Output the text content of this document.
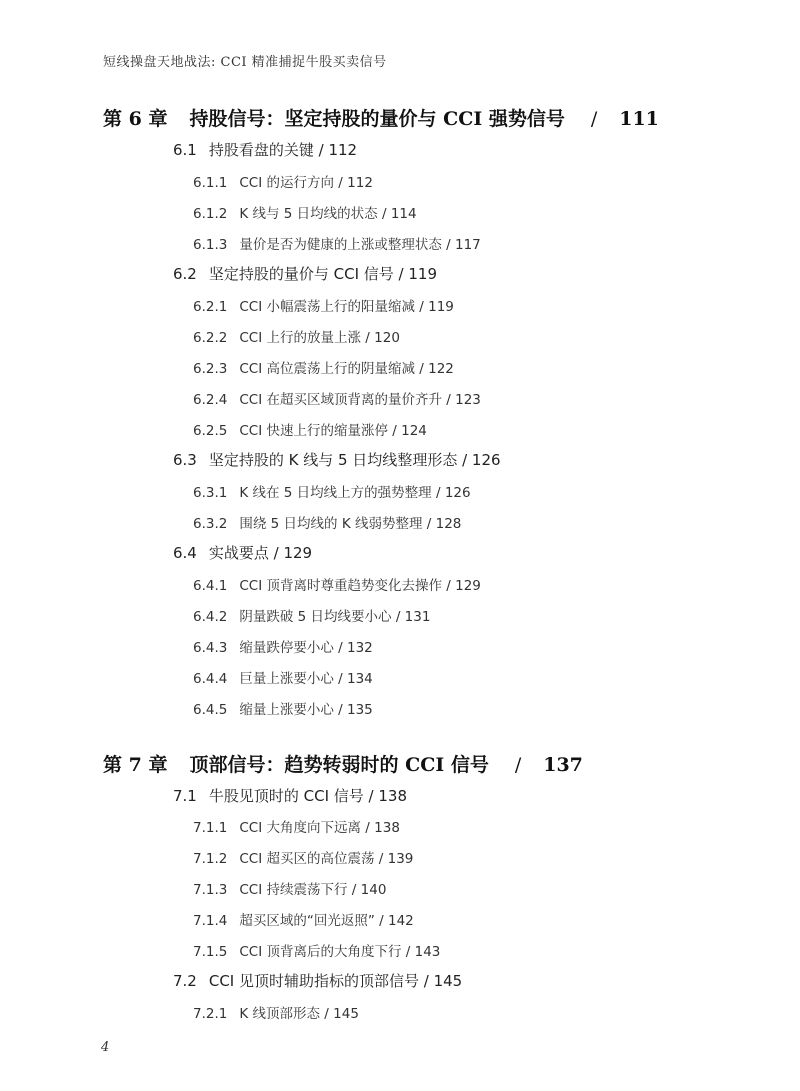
短线操盘天地战法: CCI 精准捕捉牛股买卖信号
第 6 章 持股信号：坚定持股的量价与 CCI 强势信号 / 111
6.1 持股看盘的关键 / 112
6.1.1 CCI 的运行方向 / 112
6.1.2 K 线与 5 日均线的状态 / 114
6.1.3 量价是否为健康的上涨或整理状态 / 117
6.2 坚定持股的量价与 CCI 信号 / 119
6.2.1 CCI 小幅震荡上行的阳量缩减 / 119
6.2.2 CCI 上行的放量上涨 / 120
6.2.3 CCI 高位震荡上行的阴量缩减 / 122
6.2.4 CCI 在超买区域顶背离的量价齐升 / 123
6.2.5 CCI 快速上行的缩量涨停 / 124
6.3 坚定持股的 K 线与 5 日均线整理形态 / 126
6.3.1 K 线在 5 日均线上方的强势整理 / 126
6.3.2 围绕 5 日均线的 K 线弱势整理 / 128
6.4 实战要点 / 129
6.4.1 CCI 顶背离时尊重趋势变化去操作 / 129
6.4.2 阴量跌破 5 日均线要小心 / 131
6.4.3 缩量跌停要小心 / 132
6.4.4 巨量上涨要小心 / 134
6.4.5 缩量上涨要小心 / 135
第 7 章 顶部信号：趋势转弱时的 CCI 信号 / 137
7.1 牛股见顶时的 CCI 信号 / 138
7.1.1 CCI 大角度向下远离 / 138
7.1.2 CCI 超买区的高位震荡 / 139
7.1.3 CCI 持续震荡下行 / 140
7.1.4 超买区域的“回光返照” / 142
7.1.5 CCI 顶背离后的大角度下行 / 143
7.2 CCI 见顶时辅助指标的顶部信号 / 145
7.2.1 K 线顶部形态 / 145
4
